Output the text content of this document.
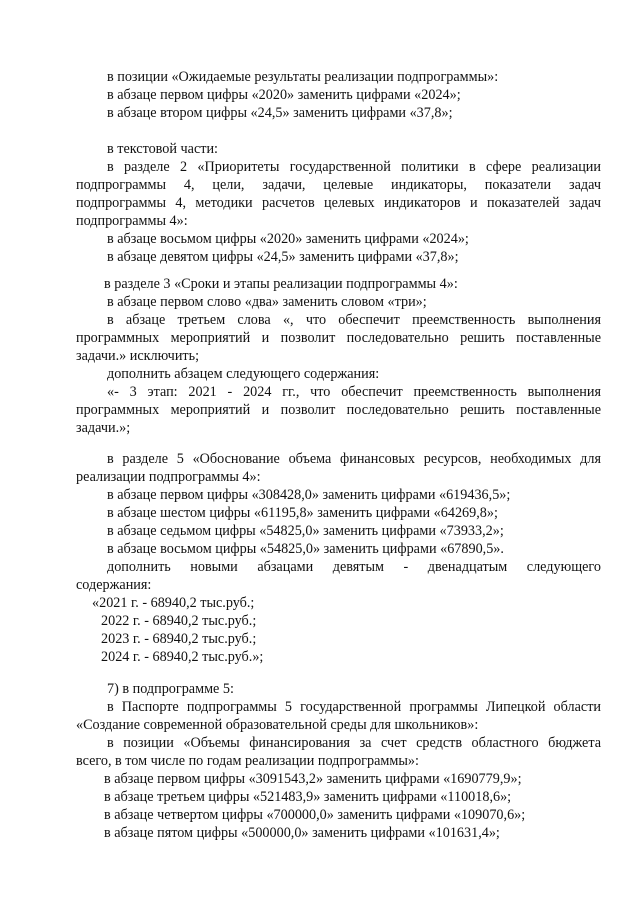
в позиции «Ожидаемые результаты реализации подпрограммы»:
в абзаце первом цифры «2020» заменить цифрами «2024»;
в абзаце втором цифры «24,5» заменить цифрами «37,8»;
в текстовой части:
в разделе 2 «Приоритеты государственной политики в сфере реализации
подпрограммы 4, цели, задачи, целевые индикаторы, показатели задач
подпрограммы 4, методики расчетов целевых индикаторов и показателей задач
подпрограммы 4»:
в абзаце восьмом цифры «2020» заменить цифрами «2024»;
в абзаце девятом цифры «24,5» заменить цифрами «37,8»;
в разделе 3 «Сроки и этапы реализации подпрограммы 4»:
в абзаце первом слово «два» заменить словом «три»;
в абзаце третьем слова «, что обеспечит преемственность выполнения
программных мероприятий и позволит последовательно решить поставленные
задачи.» исключить;
дополнить абзацем следующего содержания:
«- 3 этап: 2021 - 2024 гг., что обеспечит преемственность выполнения
программных мероприятий и позволит последовательно решить поставленные
задачи.»;
в разделе 5 «Обоснование объема финансовых ресурсов, необходимых для
реализации подпрограммы 4»:
в абзаце первом цифры «308428,0» заменить цифрами «619436,5»;
в абзаце шестом цифры «61195,8» заменить цифрами «64269,8»;
в абзаце седьмом цифры «54825,0» заменить цифрами «73933,2»;
в абзаце восьмом цифры «54825,0» заменить цифрами «67890,5».
дополнить новыми абзацами девятым - двенадцатым следующего
содержания:
«2021 г. - 68940,2 тыс.руб.;
2022 г. - 68940,2 тыс.руб.;
2023 г. - 68940,2 тыс.руб.;
2024 г. - 68940,2 тыс.руб.»;
7) в подпрограмме 5:
в Паспорте подпрограммы 5 государственной программы Липецкой области
«Создание современной образовательной среды для школьников»:
в позиции «Объемы финансирования за счет средств областного бюджета
всего, в том числе по годам реализации подпрограммы»:
в абзаце первом цифры «3091543,2» заменить цифрами «1690779,9»;
в абзаце третьем цифры «521483,9» заменить цифрами «110018,6»;
в абзаце четвертом цифры «700000,0» заменить цифрами «109070,6»;
в абзаце пятом цифры «500000,0» заменить цифрами «101631,4»;
